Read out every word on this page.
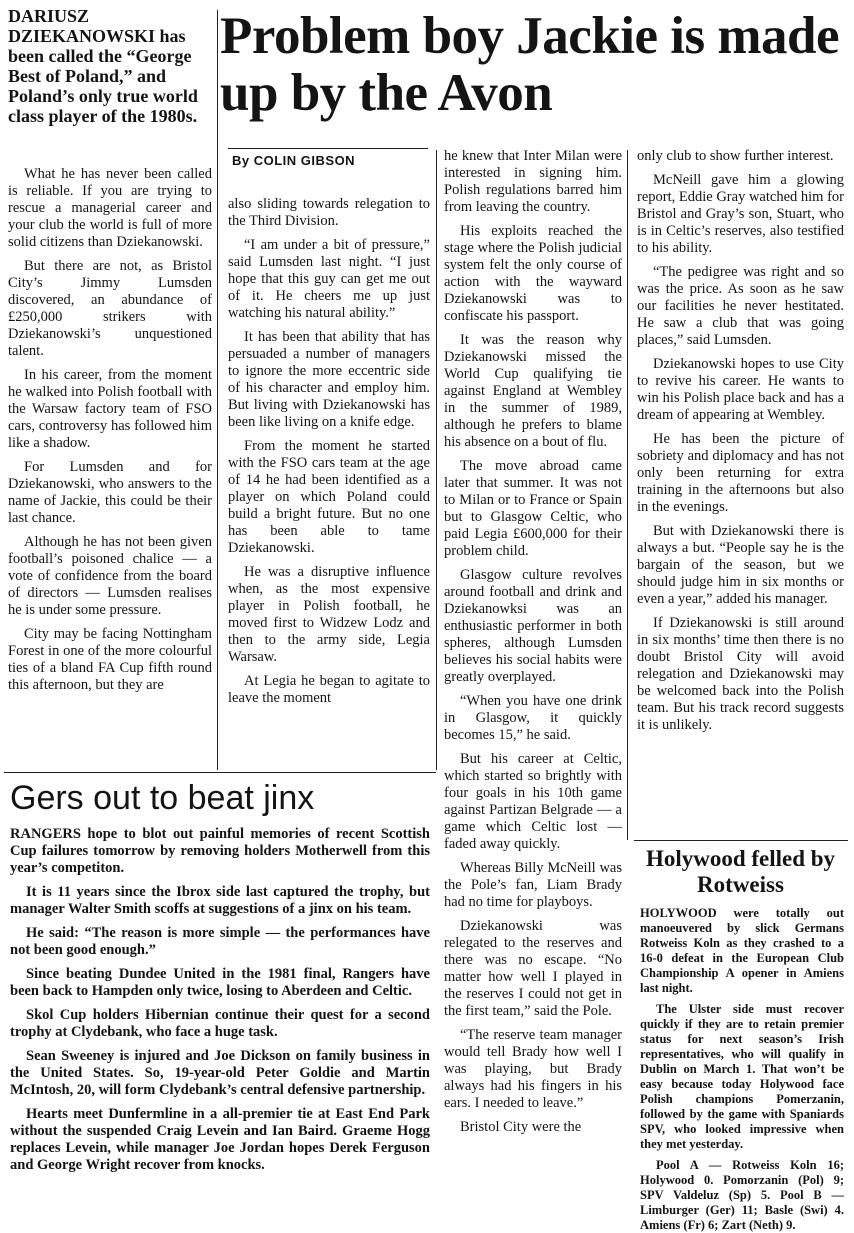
DARIUSZ DZIEKANOWSKI has been called the “George Best of Poland,” and Poland’s only true world class player of the 1980s.

Problem boy Jackie is made up by the Avon
By COLIN GIBSON

What he has never been called is reliable. If you are trying to rescue a managerial career and your club the world is full of more solid citizens than Dziekanowski.

But there are not, as Bristol City’s Jimmy Lumsden discovered, an abundance of £250,000 strikers with Dziekanowski’s unquestioned talent.

In his career, from the moment he walked into Polish football with the Warsaw factory team of FSO cars, controversy has followed him like a shadow.

For Lumsden and for Dziekanowski, who answers to the name of Jackie, this could be their last chance.

Although he has not been given football’s poisoned chalice — a vote of confidence from the board of directors — Lumsden realises he is under some pressure.

City may be facing Nottingham Forest in one of the more colourful ties of a bland FA Cup fifth round this afternoon, but they are

also sliding towards relegation to the Third Division.

“I am under a bit of pressure,” said Lumsden last night. “I just hope that this guy can get me out of it. He cheers me up just watching his natural ability.”

It has been that ability that has persuaded a number of managers to ignore the more eccentric side of his character and employ him. But living with Dziekanowski has been like living on a knife edge.

From the moment he started with the FSO cars team at the age of 14 he had been identified as a player on which Poland could build a bright future. But no one has been able to tame Dziekanowski.

He was a disruptive influence when, as the most expensive player in Polish football, he moved first to Widzew Lodz and then to the army side, Legia Warsaw.

At Legia he began to agitate to leave the moment

he knew that Inter Milan were interested in signing him. Polish regulations barred him from leaving the country.

His exploits reached the stage where the Polish judicial system felt the only course of action with the wayward Dziekanowski was to confiscate his passport.

It was the reason why Dziekanowski missed the World Cup qualifying tie against England at Wembley in the summer of 1989, although he prefers to blame his absence on a bout of flu.

The move abroad came later that summer. It was not to Milan or to France or Spain but to Glasgow Celtic, who paid Legia £600,000 for their problem child.

Glasgow culture revolves around football and drink and Dziekanowksi was an enthusiastic performer in both spheres, although Lumsden believes his social habits were greatly overplayed.

“When you have one drink in Glasgow, it quickly becomes 15,” he said.

But his career at Celtic, which started so brightly with four goals in his 10th game against Partizan Belgrade — a game which Celtic lost — faded away quickly.

Whereas Billy McNeill was the Pole’s fan, Liam Brady had no time for playboys.

Dziekanowski was relegated to the reserves and there was no escape. “No matter how well I played in the reserves I could not get in the first team,” said the Pole.

“The reserve team manager would tell Brady how well I was playing, but Brady always had his fingers in his ears. I needed to leave.”

Bristol City were the

only club to show further interest.

McNeill gave him a glowing report, Eddie Gray watched him for Bristol and Gray’s son, Stuart, who is in Celtic’s reserves, also testified to his ability.

“The pedigree was right and so was the price. As soon as he saw our facilities he never hestitated. He saw a club that was going places,” said Lumsden.

Dziekanowski hopes to use City to revive his career. He wants to win his Polish place back and has a dream of appearing at Wembley.

He has been the picture of sobriety and diplomacy and has not only been returning for extra training in the afternoons but also in the evenings.

But with Dziekanowski there is always a but. “People say he is the bargain of the season, but we should judge him in six months or even a year,” added his manager.

If Dziekanowski is still around in six months’ time then there is no doubt Bristol City will avoid relegation and Dziekanowski may be welcomed back into the Polish team. But his track record suggests it is unlikely.

Gers out to beat jinx

RANGERS hope to blot out painful memories of recent Scottish Cup failures tomorrow by removing holders Motherwell from this year’s competiton.

It is 11 years since the Ibrox side last captured the trophy, but manager Walter Smith scoffs at suggestions of a jinx on his team.

He said: “The reason is more simple — the performances have not been good enough.”

Since beating Dundee United in the 1981 final, Rangers have been back to Hampden only twice, losing to Aberdeen and Celtic.

Skol Cup holders Hibernian continue their quest for a second trophy at Clydebank, who face a huge task.

Sean Sweeney is injured and Joe Dickson on family business in the United States. So, 19-year-old Peter Goldie and Martin McIntosh, 20, will form Clydebank’s central defensive partnership.

Hearts meet Dunfermline in a all-premier tie at East End Park without the suspended Craig Levein and Ian Baird. Graeme Hogg replaces Levein, while manager Joe Jordan hopes Derek Ferguson and George Wright recover from knocks.

Holywood felled by Rotweiss

HOLYWOOD were totally out manoeuvered by slick Germans Rotweiss Koln as they crashed to a 16-0 defeat in the European Club Championship A opener in Amiens last night.

The Ulster side must recover quickly if they are to retain premier status for next season’s Irish representatives, who will qualify in Dublin on March 1. That won’t be easy because today Holywood face Polish champions Pomerzanin, followed by the game with Spaniards SPV, who looked impressive when they met yesterday.

Pool A — Rotweiss Koln 16; Holywood 0. Pomorzanin (Pol) 9; SPV Valdeluz (Sp) 5. Pool B — Limburger (Ger) 11; Basle (Swi) 4. Amiens (Fr) 6; Zart (Neth) 9.
